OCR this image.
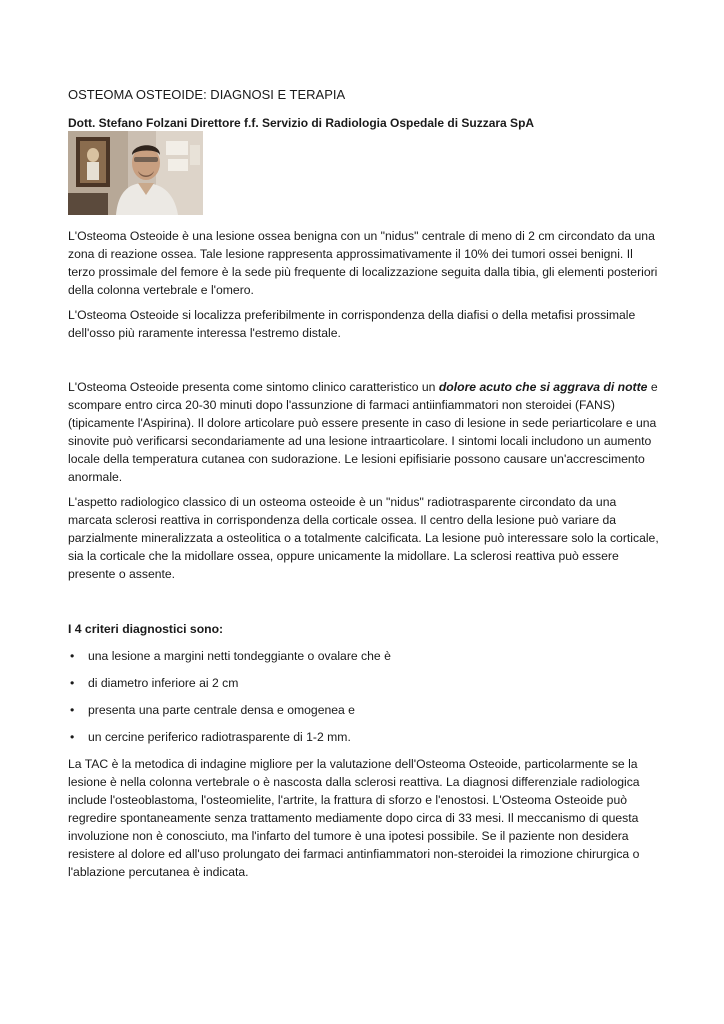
OSTEOMA OSTEOIDE: DIAGNOSI E TERAPIA
Dott. Stefano Folzani Direttore f.f. Servizio di Radiologia Ospedale di Suzzara SpA

L'Osteoma Osteoide è una lesione ossea benigna con un "nidus" centrale di meno di 2 cm circondato da una zona di reazione ossea. Tale lesione rappresenta approssimativamente il 10% dei tumori ossei benigni. Il terzo prossimale del femore è la sede più frequente di localizzazione seguita dalla tibia, gli elementi posteriori della colonna vertebrale e l'omero.

L'Osteoma Osteoide si localizza preferibilmente in corrispondenza della diafisi o della metafisi prossimale dell'osso più raramente interessa l'estremo distale.

L'Osteoma Osteoide presenta come sintomo clinico caratteristico un dolore acuto che si aggrava di notte e scompare entro circa 20-30 minuti dopo l'assunzione di farmaci antiinfiammatori non steroidei (FANS) (tipicamente l'Aspirina). Il dolore articolare può essere presente in caso di lesione in sede periarticolare e una sinovite può verificarsi secondariamente ad una lesione intraarticolare. I sintomi locali includono un aumento locale della temperatura cutanea con sudorazione. Le lesioni epifisiarie possono causare un'accrescimento anormale.

L'aspetto radiologico classico di un osteoma osteoide è un "nidus" radiotrasparente circondato da una marcata sclerosi reattiva in corrispondenza della corticale ossea. Il centro della lesione può variare da parzialmente mineralizzata a osteolitica o a totalmente calcificata. La lesione può interessare solo la corticale, sia la corticale che la midollare ossea, oppure unicamente la midollare. La sclerosi reattiva può essere presente o assente.

I 4 criteri diagnostici sono:
• una lesione a margini netti tondeggiante o ovalare che è
• di diametro inferiore ai 2 cm
• presenta una parte centrale densa e omogenea e
• un cercine periferico radiotrasparente di 1-2 mm.

La TAC è la metodica di indagine migliore per la valutazione dell'Osteoma Osteoide, particolarmente se la lesione è nella colonna vertebrale o è nascosta dalla sclerosi reattiva. La diagnosi differenziale radiologica include l'osteoblastoma, l'osteomielite, l'artrite, la frattura di sforzo e l'enostosi. L'Osteoma Osteoide può regredire spontaneamente senza trattamento mediamente dopo circa di 33 mesi. Il meccanismo di questa involuzione non è conosciuto, ma l'infarto del tumore è una ipotesi possibile. Se il paziente non desidera resistere al dolore ed all'uso prolungato dei farmaci antinfiammatori non-steroidei la rimozione chirurgica o l'ablazione percutanea è indicata.
